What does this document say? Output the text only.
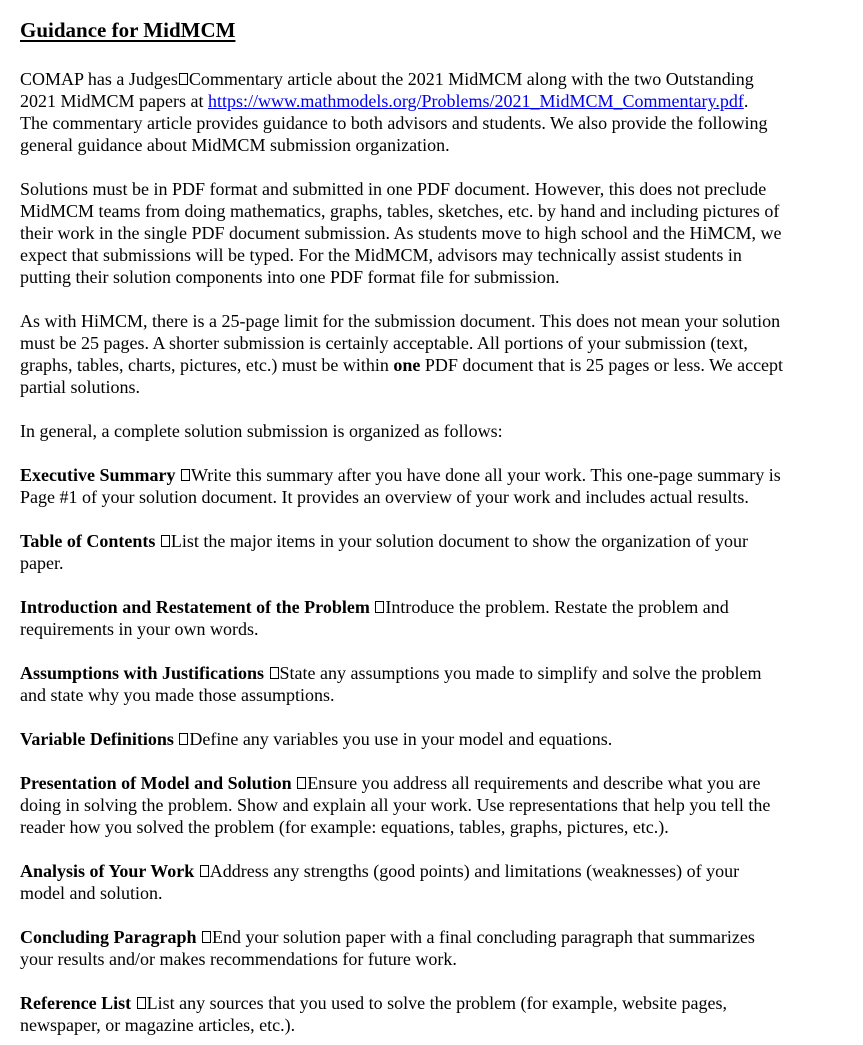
Guidance for MidMCM

COMAP has a Judges Commentary article about the 2021 MidMCM along with the two Outstanding
2021 MidMCM papers at https://www.mathmodels.org/Problems/2021_MidMCM_Commentary.pdf.
The commentary article provides guidance to both advisors and students. We also provide the following
general guidance about MidMCM submission organization.

Solutions must be in PDF format and submitted in one PDF document. However, this does not preclude
MidMCM teams from doing mathematics, graphs, tables, sketches, etc. by hand and including pictures of
their work in the single PDF document submission. As students move to high school and the HiMCM, we
expect that submissions will be typed. For the MidMCM, advisors may technically assist students in
putting their solution components into one PDF format file for submission.

As with HiMCM, there is a 25-page limit for the submission document. This does not mean your solution
must be 25 pages. A shorter submission is certainly acceptable. All portions of your submission (text,
graphs, tables, charts, pictures, etc.) must be within one PDF document that is 25 pages or less. We accept
partial solutions.

In general, a complete solution submission is organized as follows:

Executive Summary Write this summary after you have done all your work. This one-page summary is
Page #1 of your solution document. It provides an overview of your work and includes actual results.

Table of Contents List the major items in your solution document to show the organization of your
paper.

Introduction and Restatement of the Problem Introduce the problem. Restate the problem and
requirements in your own words.

Assumptions with Justifications State any assumptions you made to simplify and solve the problem
and state why you made those assumptions.

Variable Definitions Define any variables you use in your model and equations.

Presentation of Model and Solution Ensure you address all requirements and describe what you are
doing in solving the problem. Show and explain all your work. Use representations that help you tell the
reader how you solved the problem (for example: equations, tables, graphs, pictures, etc.).

Analysis of Your Work Address any strengths (good points) and limitations (weaknesses) of your
model and solution.

Concluding Paragraph End your solution paper with a final concluding paragraph that summarizes
your results and/or makes recommendations for future work.

Reference List List any sources that you used to solve the problem (for example, website pages,
newspaper, or magazine articles, etc.).
